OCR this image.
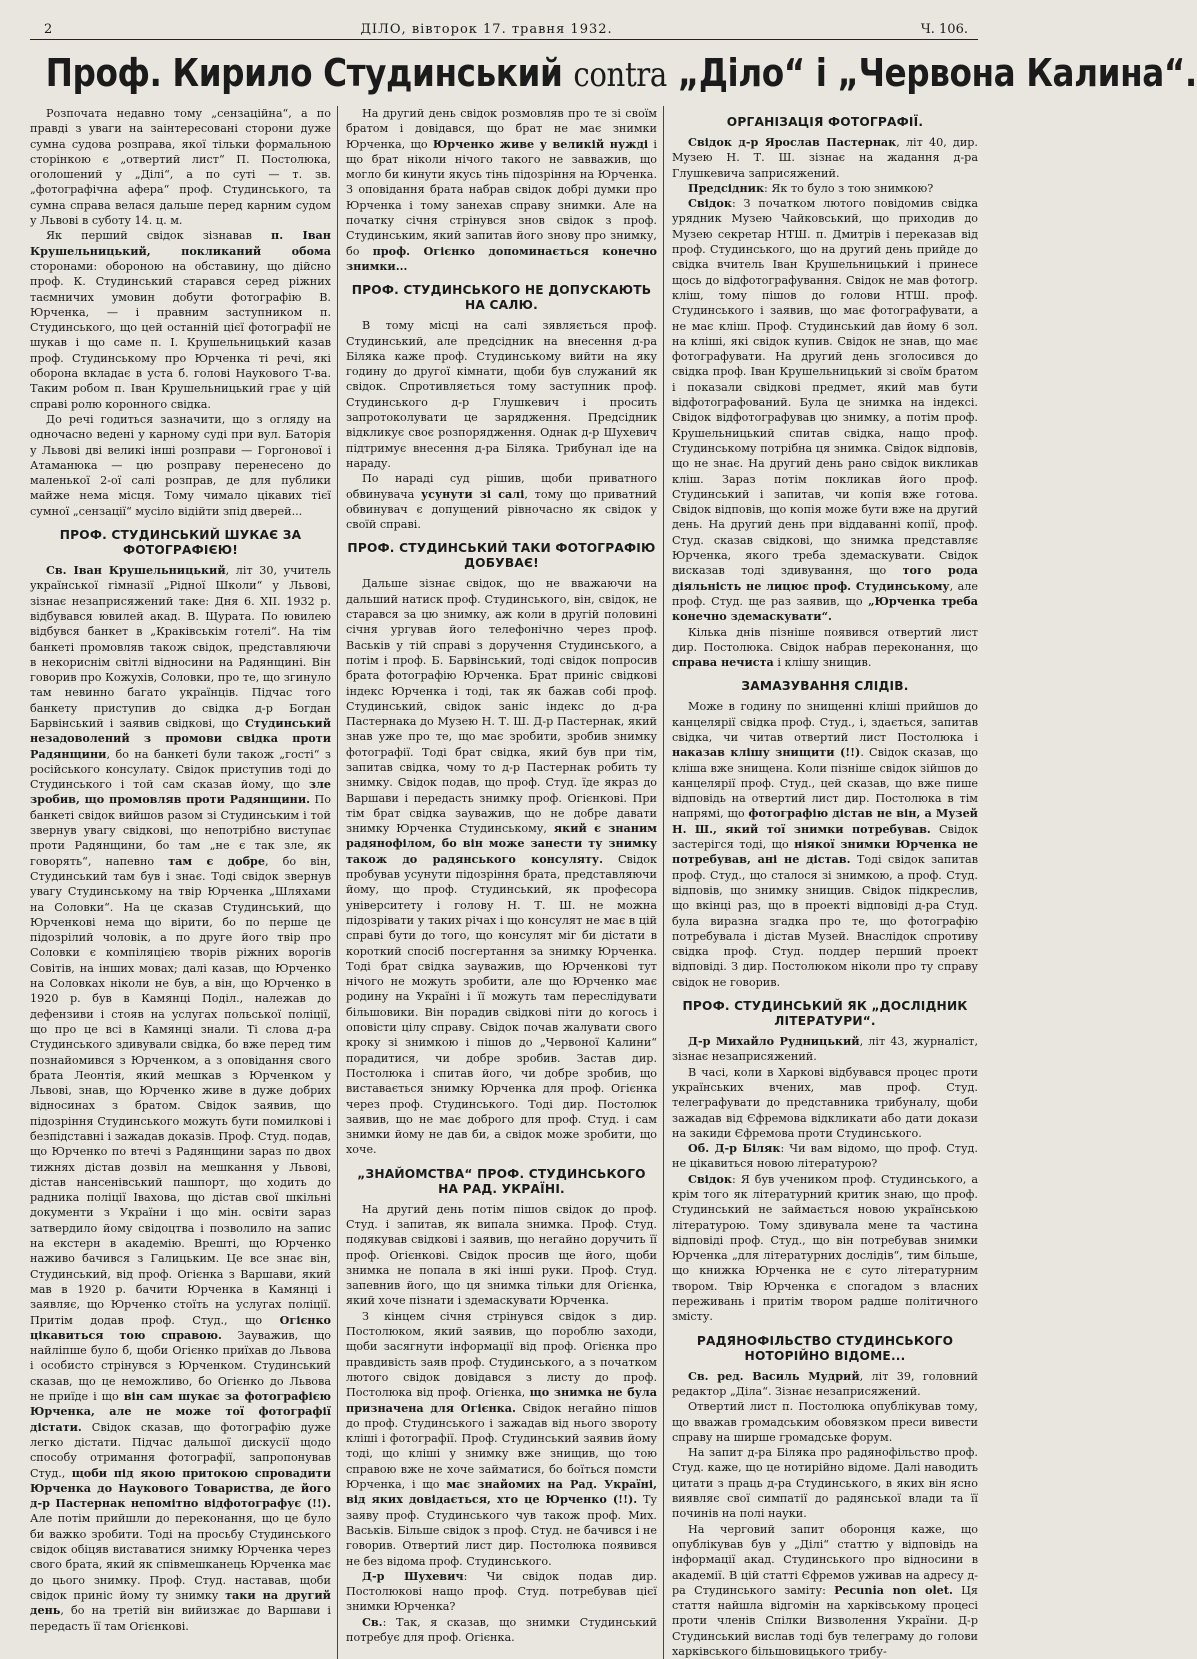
2	ДІЛО, вівторок 17. травня 1932.	Ч. 106.
Проф. Кирило Студинський contra „Діло“ і „Червона Калина“.

Розпочата недавно тому „сензаційна“, а по правді з уваги на заінтересовані сторони дуже сумна судова розправа, якої тільки формальною сторінкою є „отвертий лист“ П. Постолюка, оголошений у „Ділі“, а по суті — т. зв. „фотографічна афера“ проф. Студинського, та сумна справа велася дальше перед карним судом у Львові в суботу 14. ц. м.

Як перший свідок зізнавав п. Іван Крушельницький, покликаний обома сторонами: обороною на обставину, що дійсно проф. К. Студинський старався серед ріжних таємничих умовин добути фотографію В. Юрченка, — і правним заступником п. Студинського, що цей останній цієї фотографії не шукав і що саме п. І. Крушельницький казав проф. Студинському про Юрченка ті речі, які оборона вкладає в уста б. голові Наукового Т-ва. Таким робом п. Іван Крушельницький грає у цій справі ролю коронного свідка.

До речі годиться зазначити, що з огляду на одночасно ведені у карному суді при вул. Баторія у Львові дві великі інші розправи — Горгонової і Атаманюка — цю розправу перенесено до маленької 2-ої салі розправ, де для публики майже нема місця. Тому чимало цікавих тієї сумної „сензації“ мусіло відійти зпід дверей...

ПРОФ. СТУДИНСЬКИЙ ШУКАЄ ЗА ФОТОГРАФІЄЮ!

Св. Іван Крушельницький, літ 30, учитель української гімназії „Рідної Школи“ у Львові, зізнає незаприсяжений таке: Дня 6. XII. 1932 р. відбувався ювилей акад. В. Щурата. По ювилею відбувся банкет в „Краківськім готелі“. На тім банкеті промовляв також свідок, представляючи в некориснім світлі відносини на Радянщині. Він говорив про Кожухів, Соловки, про те, що згинуло там невинно багато українців. Підчас того банкету приступив до свідка д-р Богдан Барвінський і заявив свідкові, що Студинський незадоволений з промови свідка проти Радянщини, бо на банкеті були також „гості“ з російського консулату. Свідок приступив тоді до Студинського і той сам сказав йому, що зле зробив, що промовляв проти Радянщини. По банкеті свідок вийшов разом зі Студинським і той звернув увагу свідкові, що непотрібно виступає проти Радянщини, бо там „не є так зле, як говорять“, напевно там є добре, бо він, Студинський там був і знає. Тоді свідок звернув увагу Студинському на твір Юрченка „Шляхами на Соловки“. На це сказав Студинський, що Юрченкові нема що вірити, бо по перше це підозрілий чоловік, а по друге його твір про Соловки є компіляцією творів ріжних ворогів Совітів, на інших мовах; далі казав, що Юрченко на Соловках ніколи не був, а він, що Юрченко в 1920 р. був в Камянці Поділ., належав до дефензиви і стояв на услугах польської поліції, що про це всі в Камянці знали. Ті слова д-ра Студинського здивували свідка, бо вже перед тим познайомився з Юрченком, а з оповідання свого брата Леонтія, який мешкав з Юрченком у Львові, знав, що Юрченко живе в дуже добрих відносинах з братом. Свідок заявив, що підозріння Студинського можуть бути помилкові і безпідставні і зажадав доказів. Проф. Студ. подав, що Юрченко по втечі з Радянщини зараз по двох тижнях дістав дозвіл на мешкання у Львові, дістав нансенівський пашпорт, що ходить до радника поліції Івахова, що дістав свої шкільні документи з України і що мін. освіти зараз затвердило йому свідоцтва і позволило на запис на екстерн в академію. Врешті, що Юрченко наживо бачився з Галицьким. Це все знає він, Студинський, від проф. Огієнка з Варшави, який мав в 1920 р. бачити Юрченка в Камянці і заявляє, що Юрченко стоїть на услугах поліції. Притім додав проф. Студ., що Огієнко цікавиться тою справою. Зауважив, що найліпше було б, щоби Огієнко приїхав до Львова і особисто стрінувся з Юрченком. Студинський сказав, що це неможливо, бо Огієнко до Львова не приїде і що він сам шукає за фотографією Юрченка, але не може тої фотографії дістати. Свідок сказав, що фотографію дуже легко дістати. Підчас дальшої дискусії щодо способу отримання фотографії, запропонував Студ., щоби під якою притокою спровадити Юрченка до Наукового Товариства, де його д-р Пастернак непомітно відфотографує (!!). Але потім прийшли до переконання, що це було би важко зробити. Тоді на просьбу Студинського свідок обіцяв виставатися знимку Юрченка через свого брата, який як співмешканець Юрченка має до цього знимку. Проф. Студ. наставав, щоби свідок приніс йому ту знимку таки на другий день, бо на третій він вийизжає до Варшави і передасть її там Огієнкові.

На другий день свідок розмовляв про те зі своїм братом і довідався, що брат не має знимки Юрченка, що Юрченко живе у великій нужді і що брат ніколи нічого такого не завважив, що могло би кинути якусь тінь підозріння на Юрченка. З оповідання брата набрав свідок добрі думки про Юрченка і тому занехав справу знимки. Але на початку січня стрінувся знов свідок з проф. Студинським, який запитав його знову про знимку, бо проф. Огієнко допоминається конечно знимки...

ПРОФ. СТУДИНСЬКОГО НЕ ДОПУСКАЮТЬ НА САЛЮ.

В тому місці на салі зявляється проф. Студинський, але предсідник на внесення д-ра Біляка каже проф. Студинському вийти на яку годину до другої кімнати, щоби був служаний як свідок. Спротивляється тому заступник проф. Студинського д-р Глушкевич і просить запротоколувати це зарядження. Предсідник відкликує своє розпорядження. Однак д-р Шухевич підтримує внесення д-ра Біляка. Трибунал іде на нараду.

По нараді суд рішив, щоби приватного обвинувача усунути зі салі, тому що приватний обвинувач є допущений рівночасно як свідок у своїй справі.

ПРОФ. СТУДИНСЬКИЙ ТАКИ ФОТОГРАФІЮ ДОБУВАЄ!

Дальше зізнає свідок, що не вважаючи на дальший натиск проф. Студинського, він, свідок, не старався за цю знимку, аж коли в другій половині січня ургував його телефонічно через проф. Васьків у тій справі з доручення Студинського, а потім і проф. Б. Барвінський, тоді свідок попросив брата фотографію Юрченка. Брат приніс свідкові індекс Юрченка і тоді, так як бажав собі проф. Студинський, свідок заніс індекс до д-ра Пастернака до Музею Н. Т. Ш. Д-р Пастернак, який знав уже про те, що має зробити, зробив знимку фотографії. Тоді брат свідка, який був при тім, запитав свідка, чому то д-р Пастернак робить ту знимку. Свідок подав, що проф. Студ. їде якраз до Варшави і передасть знимку проф. Огієнкові. При тім брат свідка зауважив, що не добре давати знимку Юрченка Студинському, який є знаним радянофілом, бо він може занести ту знимку також до радянського консуляту. Свідок пробував усунути підозріння брата, представляючи йому, що проф. Студинський, як професора університету і голову Н. Т. Ш. не можна підозрівати у таких річах і що консулят не має в цій справі бути до того, що консулят міг би дістати в короткий спосіб посгертання за знимку Юрченка. Тоді брат свідка зауважив, що Юрченкові тут нічого не можуть зробити, але що Юрченко має родину на Україні і її можуть там переслідувати більшовики. Він порадив свідкові піти до когось і оповісти цілу справу. Свідок почав жалувати свого кроку зі знимкою і пішов до „Червоної Калини“ порадитися, чи добре зробив. Застав дир. Постолюка і спитав його, чи добре зробив, що виставається знимку Юрченка для проф. Огієнка через проф. Студинського. Тоді дир. Постолюк заявив, що не має доброго для проф. Студ. і сам знимки йому не дав би, а свідок може зробити, що хоче.

„ЗНАЙОМСТВА“ ПРОФ. СТУДИНСЬКОГО НА РАД. УКРАЇНІ.

На другий день потім пішов свідок до проф. Студ. і запитав, як випала знимка. Проф. Студ. подякував свідкові і заявив, що негайно доручить її проф. Огієнкові. Свідок просив ще його, щоби знимка не попала в які інші руки. Проф. Студ. запевнив його, що ця знимка тільки для Огієнка, який хоче пізнати і здемаскувати Юрченка.

З кінцем січня стрінувся свідок з дир. Постолюком, який заявив, що пороблю заходи, щоби засягнути інформації від проф. Огієнка про правдивість заяв проф. Студинського, а з початком лютого свідок довідався з листу до проф. Постолюка від проф. Огієнка, що знимка не була призначена для Огієнка. Свідок негайно пішов до проф. Студинського і зажадав від нього звороту кліші і фотографії. Проф. Студинський заявив йому тоді, що кліші у знимку вже знищив, що тою справою вже не хоче займатися, бо боїться помсти Юрченка, і що має знайомих на Рад. Україні, від яких довідається, хто це Юрченко (!!). Ту заяву проф. Студинського чув також проф. Мих. Васьків. Більше свідок з проф. Студ. не бачився і не говорив. Отвертий лист дир. Постолюка появився не без відома проф. Студинського.

Д-р Шухевич: Чи свідок подав дир. Постолюкові нащо проф. Студ. потребував цієї знимки Юрченка?

Св.: Так, я сказав, що знимки Студинський потребує для проф. Огієнка.

ОРГАНІЗАЦІЯ ФОТОГРАФІЇ.

Свідок д-р Ярослав Пастернак, літ 40, дир. Музею Н. Т. Ш. зізнає на жадання д-ра Глушкевича заприсяжений.

Предсідник: Як то було з тою знимкою?

Свідок: З початком лютого повідомив свідка урядник Музею Чайковський, що приходив до Музею секретар НТШ. п. Дмитрів і переказав від проф. Студинського, що на другий день прийде до свідка вчитель Іван Крушельницький і принесе щось до відфотографування. Свідок не мав фотогр. кліш, тому пішов до голови НТШ. проф. Студинського і заявив, що має фотографувати, а не має кліш. Проф. Студинський дав йому 6 зол. на кліші, які свідок купив. Свідок не знав, що має фотографувати. На другий день зголосився до свідка проф. Іван Крушельницький зі своїм братом і показали свідкові предмет, який мав бути відфотографований. Була це знимка на індексі. Свідок відфотографував цю знимку, а потім проф. Крушельницький спитав свідка, нащо проф. Студинському потрібна ця знимка. Свідок відповів, що не знає. На другий день рано свідок викликав кліш. Зараз потім покликав його проф. Студинський і запитав, чи копія вже готова. Свідок відповів, що копія може бути вже на другий день. На другий день при віддаванні копії, проф. Студ. сказав свідкові, що знимка представляє Юрченка, якого треба здемаскувати. Свідок висказав тоді здивування, що того рода діяльність не лицює проф. Студинському, але проф. Студ. ще раз заявив, що „Юрченка треба конечно здемаскувати“.

Кілька днів пізніше появився отвертий лист дир. Постолюка. Свідок набрав переконання, що справа нечиста і клішу знищив.

ЗАМАЗУВАННЯ СЛІДІВ.

Може в годину по знищенні кліші прийшов до канцелярії свідка проф. Студ., і, здається, запитав свідка, чи читав отвертий лист Постолюка і наказав клішу знищити (!!). Свідок сказав, що кліша вже знищена. Коли пізніше свідок зійшов до канцелярії проф. Студ., цей сказав, що вже пише відповідь на отвертий лист дир. Постолюка в тім напрямі, що фотографію дістав не він, а Музей Н. Ш., який тої знимки потребував. Свідок застерігся тоді, що ніякої знимки Юрченка не потребував, ані не дістав. Тоді свідок запитав проф. Студ., що сталося зі знимкою, а проф. Студ. відповів, що знимку знищив. Свідок підкреслив, що вкінці раз, що в проекті відповіді д-ра Студ. була виразна згадка про те, що фотографію потребувала і дістав Музей. Внаслідок спротиву свідка проф. Студ. поддер перший проект відповіді. З дир. Постолюком ніколи про ту справу свідок не говорив.

ПРОФ. СТУДИНСЬКИЙ ЯК „ДОСЛІДНИК ЛІТЕРАТУРИ“.

Д-р Михайло Рудницький, літ 43, журналіст, зізнає незаприсяжений.

В часі, коли в Харкові відбувався процес проти українських вчених, мав проф. Студ. телеграфувати до представника трибуналу, щоби зажадав від Єфремова відкликати або дати докази на закиди Єфремова проти Студинського.

Об. Д-р Біляк: Чи вам відомо, що проф. Студ. не цікавиться новою літературою?

Свідок: Я був учеником проф. Студинського, а крім того як літературний критик знаю, що проф. Студинський не займається новою українською літературою. Тому здивувала мене та частина відповіді проф. Студ., що він потребував знимки Юрченка „для літературних дослідів“, тим більше, що книжка Юрченка не є суто літературним твором. Твір Юрченка є спогадом з власних переживань і притім твором радше політичного змісту.

РАДЯНОФІЛЬСТВО СТУДИНСЬКОГО НОТОРІЙНО ВІДОМЕ...

Св. ред. Василь Мудрий, літ 39, головний редактор „Діла“. Зізнає незаприсяжений.

Отвертий лист п. Постолюка опублікував тому, що вважав громадським обовязком преси вивести справу на ширше громадське форум.

На запит д-ра Біляка про радянофільство проф. Студ. каже, що це нотирійно відоме. Далі наводить цитати з праць д-ра Студинського, в яких він ясно виявляє свої симпатії до радянської влади та її починів на полі науки.

На черговий запит оборонця каже, що опублікував був у „Ділі“ статтю у відповідь на інформації акад. Студинського про відносини в академії. В цій статті Єфремов уживав на адресу д-ра Студинського заміту: Pecunia non olet. Ця стаття найшла відгомін на харківському процесі проти членів Спілки Визволення України. Д-р Студинський вислав тоді був телеграму до голови харківського більшовицького трибу-
